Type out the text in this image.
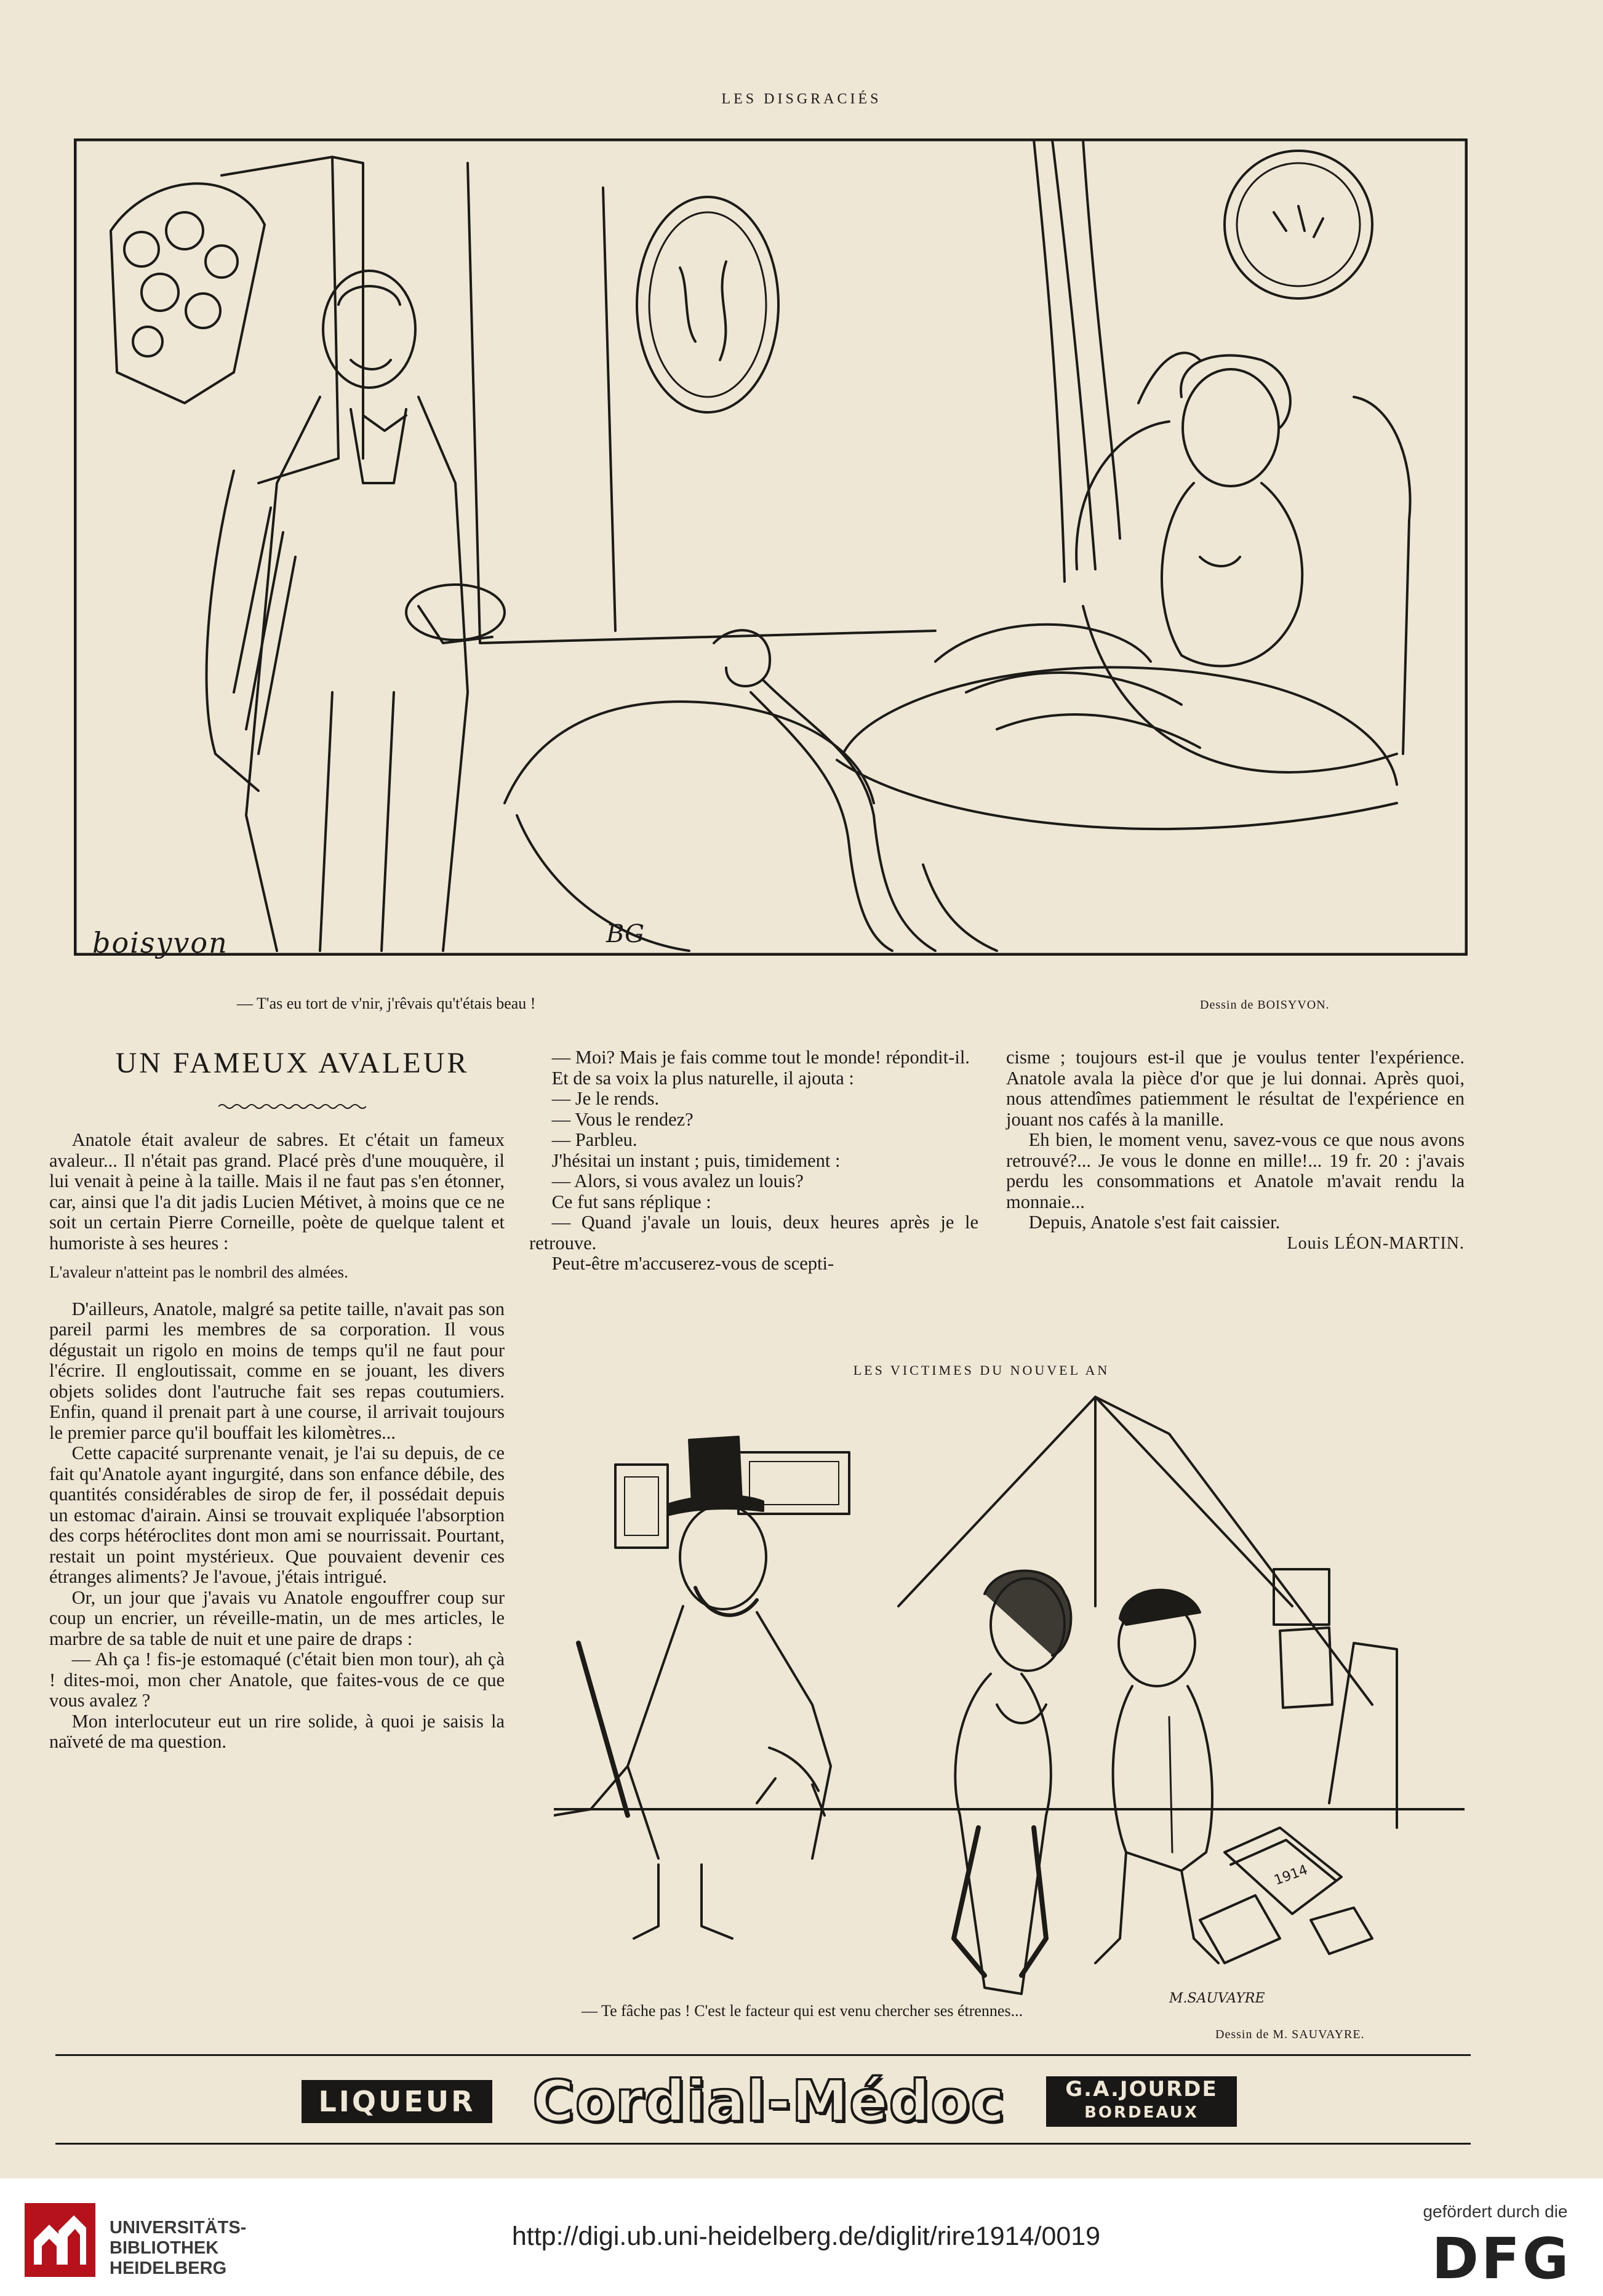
LES DISGRACIÉS
boisyvon	BG
— T'as eu tort de v'nir, j'rêvais qu't'étais beau !	Dessin de BOISYVON.
UN FAMEUX AVALEUR

Anatole était avaleur de sabres. Et c'était un fameux avaleur... Il n'était pas grand. Placé près d'une mouquère, il lui venait à peine à la taille. Mais il ne faut pas s'en étonner, car, ainsi que l'a dit jadis Lucien Métivet, à moins que ce ne soit un certain Pierre Corneille, poète de quelque talent et humoriste à ses heures :

L'avaleur n'atteint pas le nombril des almées.

D'ailleurs, Anatole, malgré sa petite taille, n'avait pas son pareil parmi les membres de sa corporation. Il vous dégustait un rigolo en moins de temps qu'il ne faut pour l'écrire. Il engloutissait, comme en se jouant, les divers objets solides dont l'autruche fait ses repas coutumiers. Enfin, quand il prenait part à une course, il arrivait toujours le premier parce qu'il bouffait les kilomètres...

Cette capacité surprenante venait, je l'ai su depuis, de ce fait qu'Anatole ayant ingurgité, dans son enfance débile, des quantités considérables de sirop de fer, il possédait depuis un estomac d'airain. Ainsi se trouvait expliquée l'absorption des corps hétéroclites dont mon ami se nourrissait. Pourtant, restait un point mystérieux. Que pouvaient devenir ces étranges aliments? Je l'avoue, j'étais intrigué.

Or, un jour que j'avais vu Anatole engouffrer coup sur coup un encrier, un réveille-matin, un de mes articles, le marbre de sa table de nuit et une paire de draps :

— Ah ça ! fis-je estomaqué (c'était bien mon tour), ah çà ! dites-moi, mon cher Anatole, que faites-vous de ce que vous avalez ?

Mon interlocuteur eut un rire solide, à quoi je saisis la naïveté de ma question.

— Moi? Mais je fais comme tout le monde! répondit-il.

Et de sa voix la plus naturelle, il ajouta :

— Je le rends.

— Vous le rendez?

— Parbleu.

J'hésitai un instant ; puis, timidement :

— Alors, si vous avalez un louis?

Ce fut sans réplique :

— Quand j'avale un louis, deux heures après je le retrouve.

Peut-être m'accuserez-vous de scepti-

cisme ; toujours est-il que je voulus tenter l'expérience. Anatole avala la pièce d'or que je lui donnai. Après quoi, nous attendîmes patiemment le résultat de l'expérience en jouant nos cafés à la manille.

Eh bien, le moment venu, savez-vous ce que nous avons retrouvé?... Je vous le donne en mille!... 19 fr. 20 : j'avais perdu les consommations et Anatole m'avait rendu la monnaie...

Depuis, Anatole s'est fait caissier.

Louis LÉON-MARTIN.

LES VICTIMES DU NOUVEL AN
1914
M.SAUVAYRE
— Te fâche pas ! C'est le facteur qui est venu chercher ses étrennes...
Dessin de M. SAUVAYRE.
LIQUEUR	Cordial-Médoc	G.A.JOURDE
BORDEAUX
UNIVERSITÄTS-
BIBLIOTHEK
HEIDELBERG
http://digi.ub.uni-heidelberg.de/diglit/rire1914/0019
gefördert durch die
DFG
